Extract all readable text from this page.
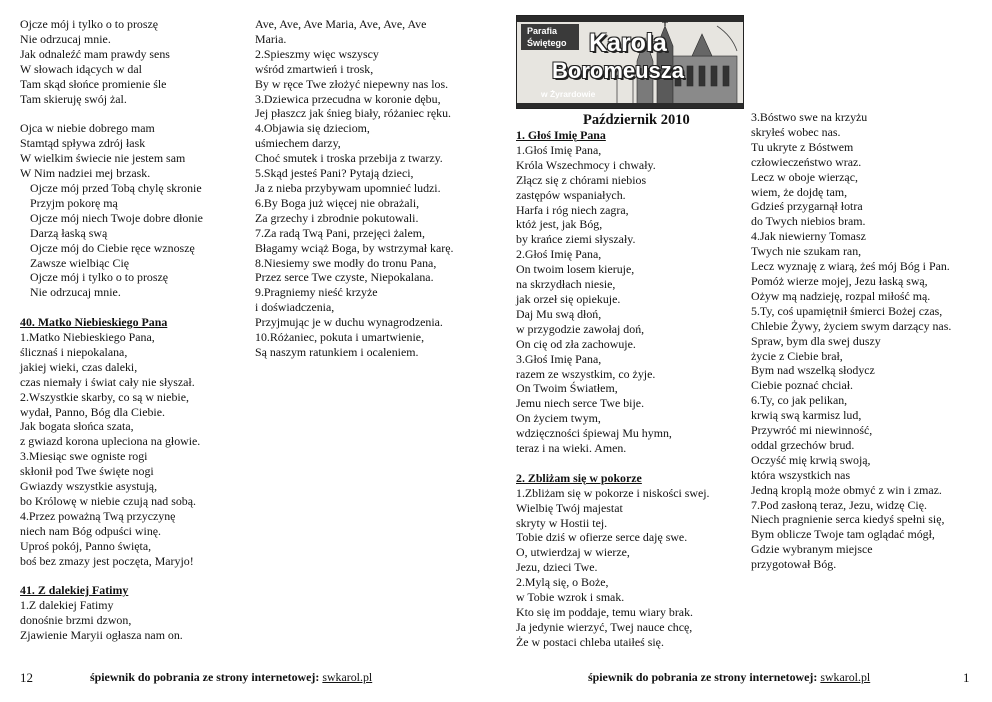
Ojcze mój i tylko o to proszę
Nie odrzucaj mnie.
Jak odnaleźć mam prawdy sens
W słowach idących w dal
Tam skąd słońce promienie śle
Tam skieruję swój żal.
Ojca w niebie dobrego mam
Stamtąd spływa zdrój łask
W wielkim świecie nie jestem sam
W Nim nadziei mej brzask.
Ojcze mój przed Tobą chylę skronie
Przyjm pokorę mą
Ojcze mój niech Twoje dobre dłonie
Darzą łaską swą
Ojcze mój do Ciebie ręce wznoszę
Zawsze wielbiąc Cię
Ojcze mój i tylko o to proszę
Nie odrzucaj mnie.
40. Matko Niebieskiego Pana
1.Matko Niebieskiego Pana,
ślicznaś i niepokalana,
jakiej wieki, czas daleki,
czas niemały i świat cały nie słyszał.
2.Wszystkie skarby, co są w niebie,
wydał, Panno, Bóg dla Ciebie.
Jak bogata słońca szata,
z gwiazd korona upleciona na głowie.
3.Miesiąc swe ogniste rogi
skłonił pod Twe święte nogi
Gwiazdy wszystkie asystują,
bo Królowę w niebie czują nad sobą.
4.Przez poważną Twą przyczynę
niech nam Bóg odpuści winę.
Uproś pokój, Panno święta,
boś bez zmazy jest poczęta, Maryjo!
41. Z dalekiej Fatimy
1.Z dalekiej Fatimy
donośnie brzmi dzwon,
Zjawienie Maryii ogłasza nam on.
Ave, Ave, Ave Maria, Ave, Ave, Ave
Maria.
2.Spieszmy więc wszyscy
wśród zmartwień i trosk,
By w ręce Twe złożyć niepewny nas los.
3.Dziewica przecudna w koronie dębu,
Jej płaszcz jak śnieg biały, różaniec ręku.
4.Objawia się dzieciom,
uśmiechem darzy,
Choć smutek i troska przebija z twarzy.
5.Skąd jesteś Pani? Pytają dzieci,
Ja z nieba przybywam upomnieć ludzi.
6.By Boga już więcej nie obrażali,
Za grzechy i zbrodnie pokutowali.
7.Za radą Twą Pani, przejęci żalem,
Błagamy wciąż Boga, by wstrzymał karę.
8.Niesiemy swe modły do tronu Pana,
Przez serce Twe czyste, Niepokalana.
9.Pragniemy nieść krzyże
i doświadczenia,
Przyjmując je w duchu wynagrodzenia.
10.Różaniec, pokuta i umartwienie,
Są naszym ratunkiem i ocaleniem.
Parafia
Świętego Karola
Boromeusza
w Żyrardowie
Październik 2010
1. Głoś Imię Pana
1.Głoś Imię Pana,
Króla Wszechmocy i chwały.
Złącz się z chórami niebios
zastępów wspaniałych.
Harfa i róg niech zagra,
któż jest, jak Bóg,
by krańce ziemi słyszały.
2.Głoś Imię Pana,
On twoim losem kieruje,
na skrzydłach niesie,
jak orzeł się opiekuje.
Daj Mu swą dłoń,
w przygodzie zawołaj doń,
On cię od zła zachowuje.
3.Głoś Imię Pana,
razem ze wszystkim, co żyje.
On Twoim Światłem,
Jemu niech serce Twe bije.
On życiem twym,
wdzięczności śpiewaj Mu hymn,
teraz i na wieki. Amen.
2. Zbliżam się w pokorze
1.Zbliżam się w pokorze i niskości swej.
Wielbię Twój majestat
skryty w Hostii tej.
Tobie dziś w ofierze serce daję swe.
O, utwierdzaj w wierze,
Jezu, dzieci Twe.
2.Mylą się, o Boże,
w Tobie wzrok i smak.
Kto się im poddaje, temu wiary brak.
Ja jedynie wierzyć, Twej nauce chcę,
Że w postaci chleba utaiłeś się.
3.Bóstwo swe na krzyżu
skryłeś wobec nas.
Tu ukryte z Bóstwem
człowieczeństwo wraz.
Lecz w oboje wierząc,
wiem, że dojdę tam,
Gdzieś przygarnął łotra
do Twych niebios bram.
4.Jak niewierny Tomasz
Twych nie szukam ran,
Lecz wyznaję z wiarą, żeś mój Bóg i Pan.
Pomóż wierze mojej, Jezu łaską swą,
Ożyw mą nadzieję, rozpal miłość mą.
5.Ty, coś upamiętnił śmierci Bożej czas,
Chlebie Żywy, życiem swym darzący nas.
Spraw, bym dla swej duszy
życie z Ciebie brał,
Bym nad wszelką słodycz
Ciebie poznać chciał.
6.Ty, co jak pelikan,
krwią swą karmisz lud,
Przywróć mi niewinność,
oddal grzechów brud.
Oczyść mię krwią swoją,
która wszystkich nas
Jedną kroplą może obmyć z win i zmaz.
7.Pod zasłoną teraz, Jezu, widzę Cię.
Niech pragnienie serca kiedyś spełni się,
Bym oblicze Twoje tam oglądać mógł,
Gdzie wybranym miejsce
przygotował Bóg.
12	śpiewnik do pobrania ze strony internetowej: swkarol.pl	śpiewnik do pobrania ze strony internetowej: swkarol.pl	1
